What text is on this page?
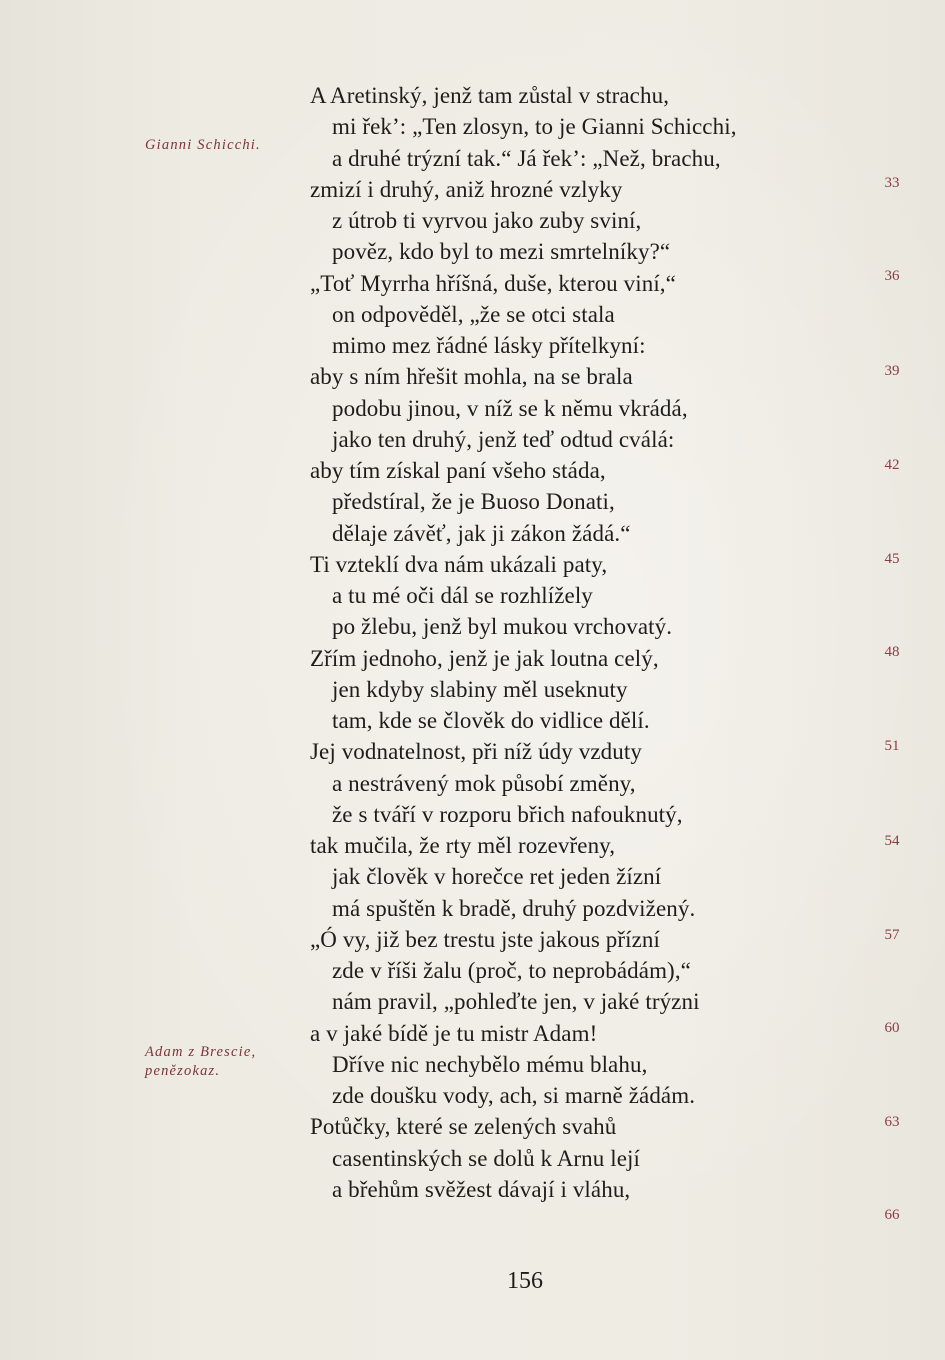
Gianni Schicchi.
Adam z Brescie,
penězokaz.
A Aretinský, jenž tam zůstal v strachu,
mi řek’: „Ten zlosyn, to je Gianni Schicchi,
a druhé trýzní tak.“ Já řek’: „Než, brachu,
zmizí i druhý, aniž hrozné vzlyky
z útrob ti vyrvou jako zuby sviní,
pověz, kdo byl to mezi smrtelníky?“
„Toť Myrrha hříšná, duše, kterou viní,“
on odpověděl, „že se otci stala
mimo mez řádné lásky přítelkyní:
aby s ním hřešit mohla, na se brala
podobu jinou, v níž se k němu vkrádá,
jako ten druhý, jenž teď odtud cválá:
aby tím získal paní všeho stáda,
předstíral, že je Buoso Donati,
dělaje závěť, jak ji zákon žádá.“
Ti vzteklí dva nám ukázali paty,
a tu mé oči dál se rozhlížely
po žlebu, jenž byl mukou vrchovatý.
Zřím jednoho, jenž je jak loutna celý,
jen kdyby slabiny měl useknuty
tam, kde se člověk do vidlice dělí.
Jej vodnatelnost, při níž údy vzduty
a nestrávený mok působí změny,
že s tváří v rozporu břich nafouknutý,
tak mučila, že rty měl rozevřeny,
jak člověk v horečce ret jeden žízní
má spuštěn k bradě, druhý pozdvižený.
„Ó vy, již bez trestu jste jakous přízní
zde v říši žalu (proč, to neprobádám),“
nám pravil, „pohleďte jen, v jaké trýzni
a v jaké bídě je tu mistr Adam!
Dříve nic nechybělo mému blahu,
zde doušku vody, ach, si marně žádám.
Potůčky, které se zelených svahů
casentinských se dolů k Arnu lejí
a břehům svěžest dávají i vláhu,
33
36
39
42
45
48
51
54
57
60
63
66
156
